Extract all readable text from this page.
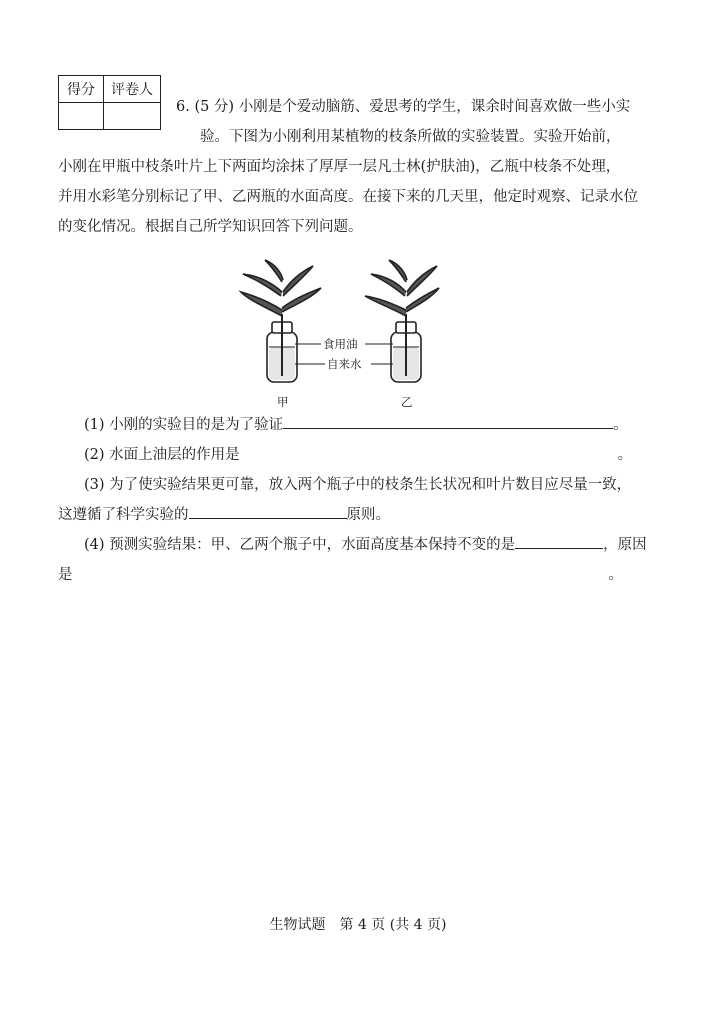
得分	评卷人

6. (5 分) 小刚是个爱动脑筋、爱思考的学生，课余时间喜欢做一些小实
验。下图为小刚利用某植物的枝条所做的实验装置。实验开始前，
小刚在甲瓶中枝条叶片上下两面均涂抹了厚厚一层凡士林(护肤油)，乙瓶中枝条不处理，
并用水彩笔分别标记了甲、乙两瓶的水面高度。在接下来的几天里，他定时观察、记录水位
的变化情况。根据自己所学知识回答下列问题。
食用油
自来水
甲	乙
(1) 小刚的实验目的是为了验证	。
(2) 水面上油层的作用是	。
(3) 为了使实验结果更可靠，放入两个瓶子中的枝条生长状况和叶片数目应尽量一致，
这遵循了科学实验的	原则。
(4) 预测实验结果：甲、乙两个瓶子中，水面高度基本保持不变的是	，原因
是	。
生物试题　第 4 页 (共 4 页)
